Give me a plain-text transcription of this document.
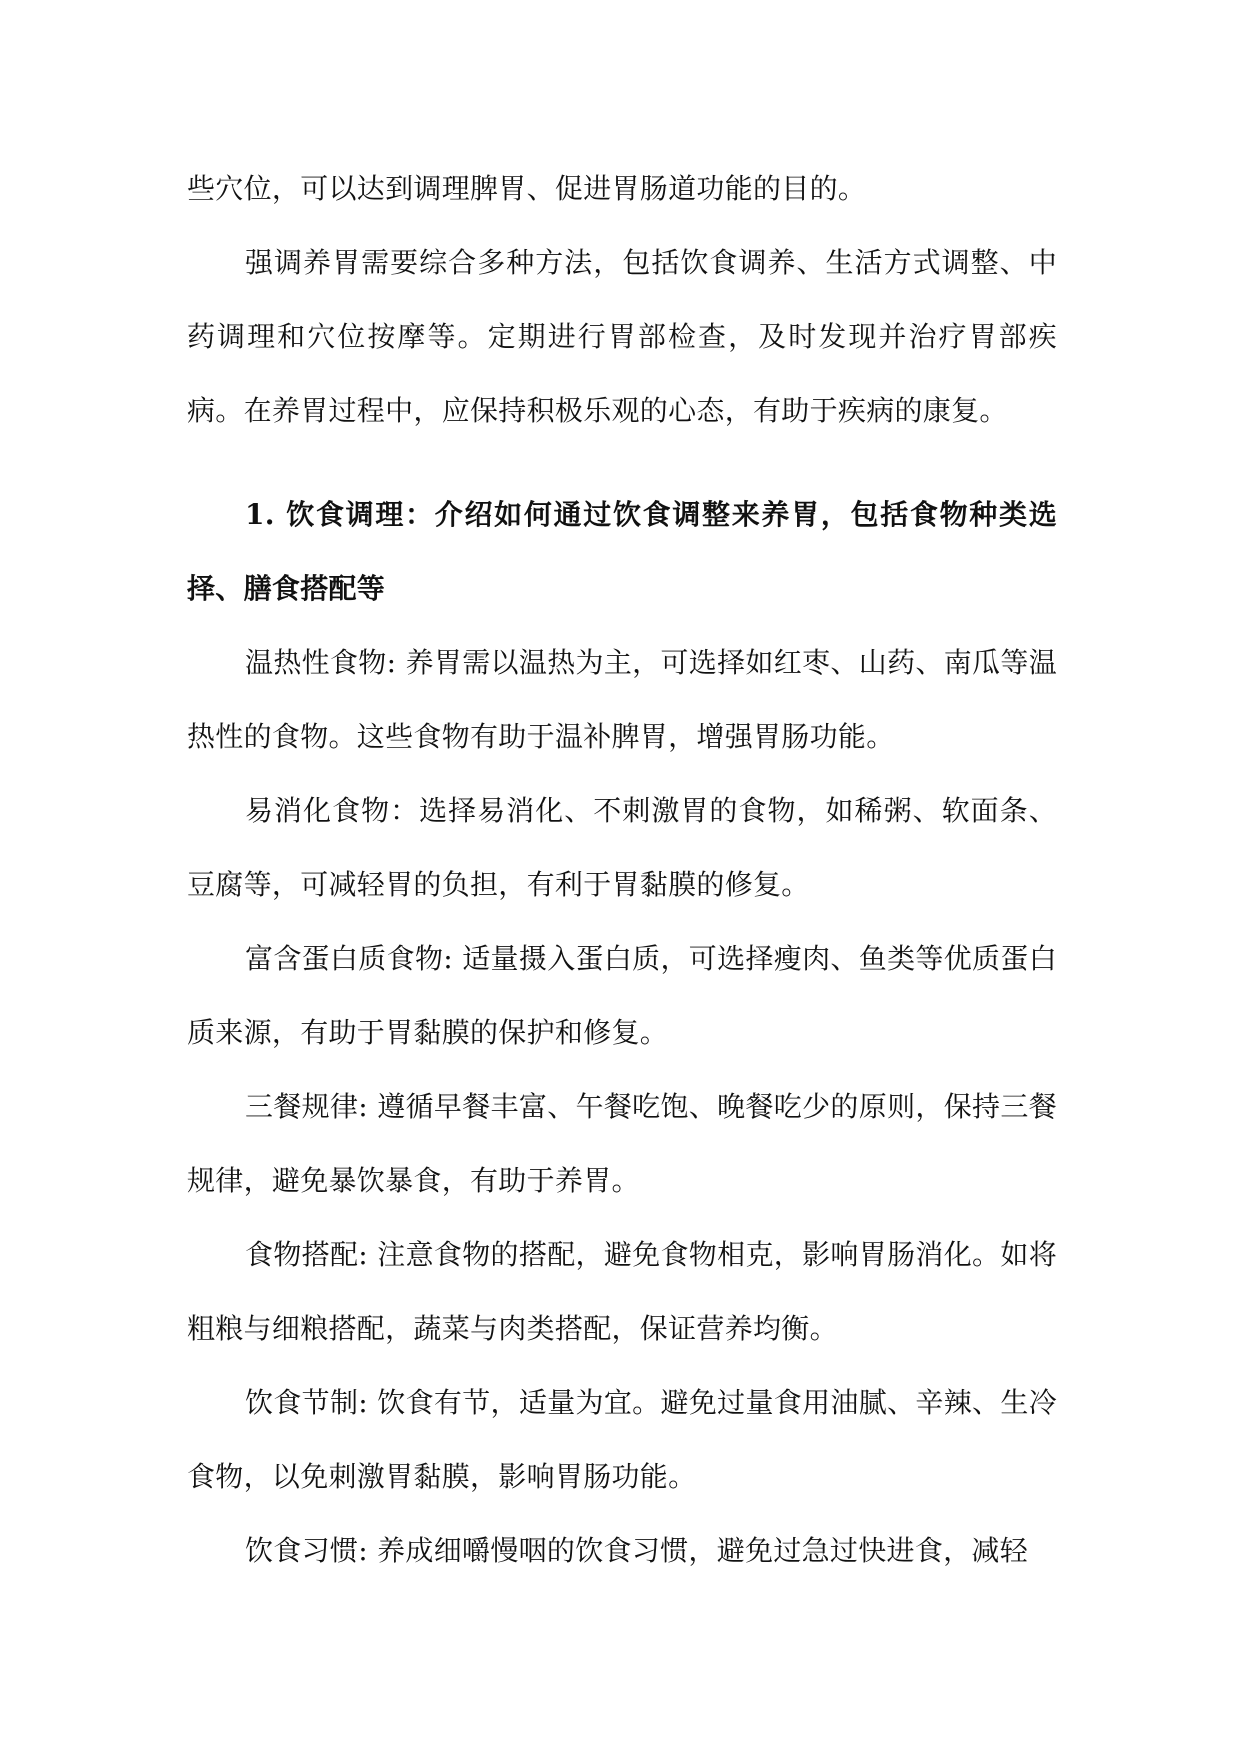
些穴位，可以达到调理脾胃、促进胃肠道功能的目的。

强调养胃需要综合多种方法，包括饮食调养、生活方式调整、中药调理和穴位按摩等。定期进行胃部检查，及时发现并治疗胃部疾病。在养胃过程中，应保持积极乐观的心态，有助于疾病的康复。

1. 饮食调理：介绍如何通过饮食调整来养胃，包括食物种类选择、膳食搭配等

温热性食物: 养胃需以温热为主，可选择如红枣、山药、南瓜等温热性的食物。这些食物有助于温补脾胃，增强胃肠功能。

易消化食物：选择易消化、不刺激胃的食物，如稀粥、软面条、豆腐等，可减轻胃的负担，有利于胃黏膜的修复。

富含蛋白质食物: 适量摄入蛋白质，可选择瘦肉、鱼类等优质蛋白质来源，有助于胃黏膜的保护和修复。

三餐规律: 遵循早餐丰富、午餐吃饱、晚餐吃少的原则，保持三餐规律，避免暴饮暴食，有助于养胃。

食物搭配: 注意食物的搭配，避免食物相克，影响胃肠消化。如将粗粮与细粮搭配，蔬菜与肉类搭配，保证营养均衡。

饮食节制: 饮食有节，适量为宜。避免过量食用油腻、辛辣、生冷食物，以免刺激胃黏膜，影响胃肠功能。

饮食习惯: 养成细嚼慢咽的饮食习惯，避免过急过快进食，减轻
